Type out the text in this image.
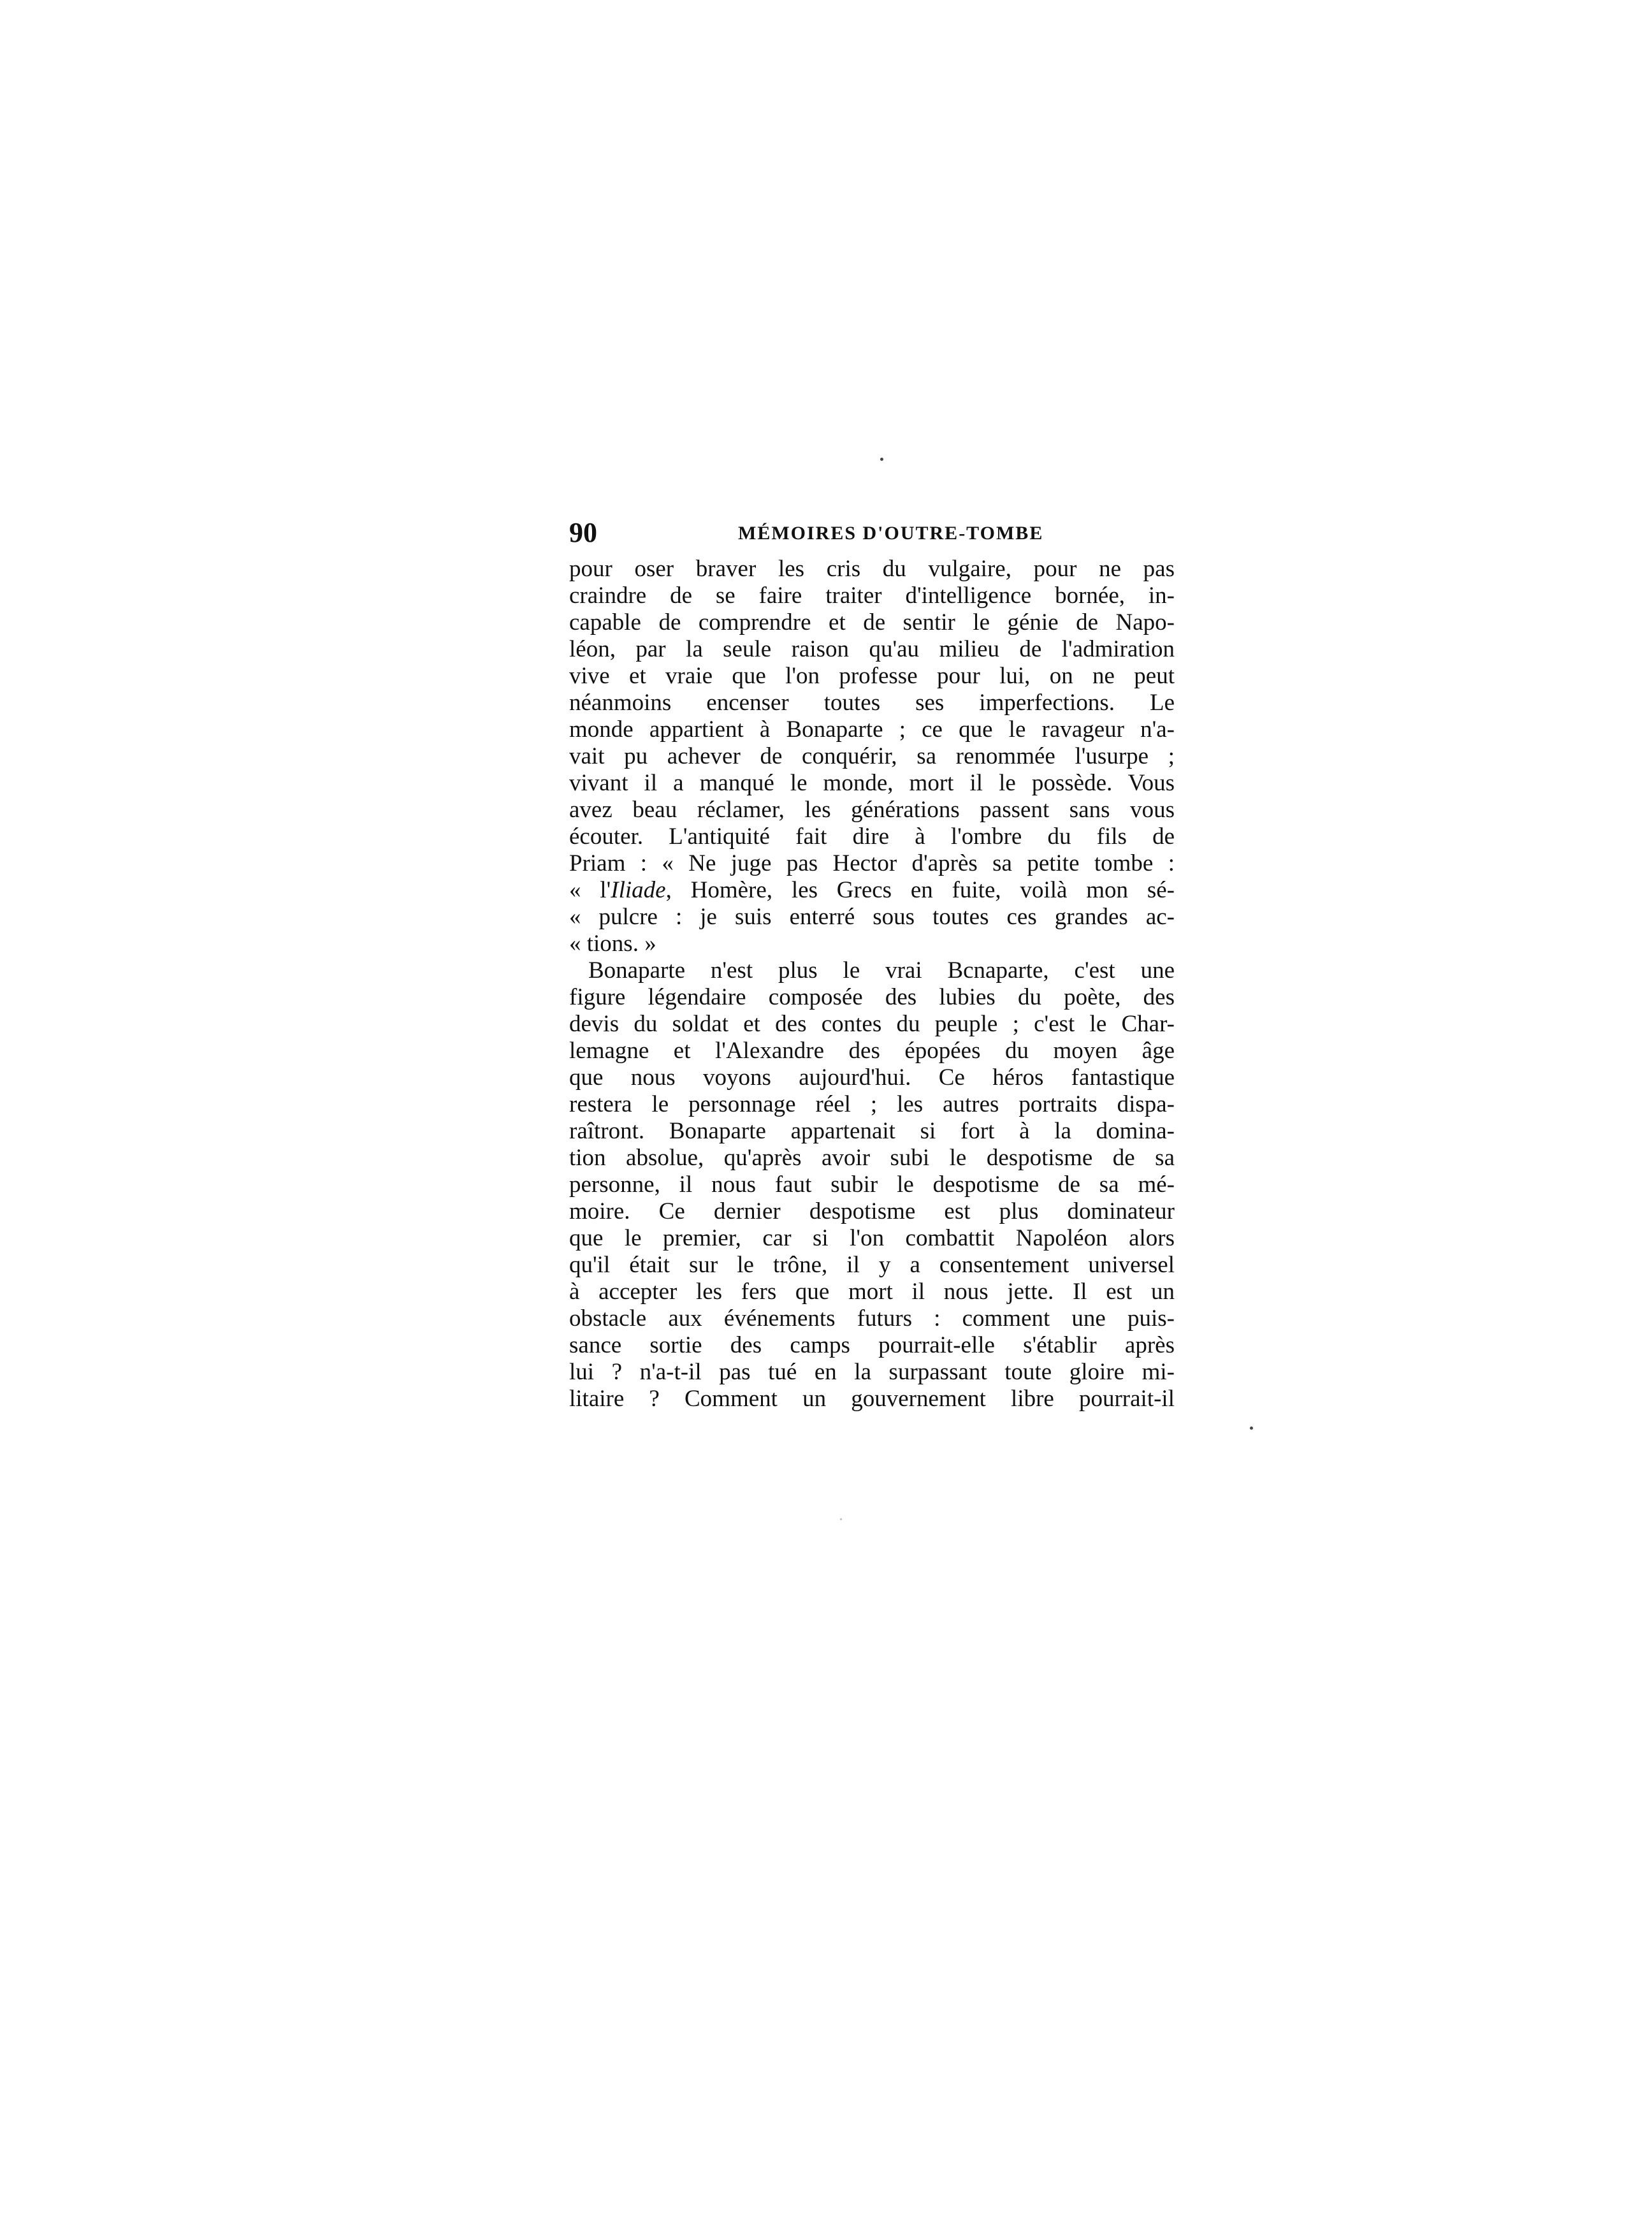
90	MÉMOIRES D'OUTRE-TOMBE
pour oser braver les cris du vulgaire, pour ne pas
craindre de se faire traiter d'intelligence bornée, in-
capable de comprendre et de sentir le génie de Napo-
léon, par la seule raison qu'au milieu de l'admiration
vive et vraie que l'on professe pour lui, on ne peut
néanmoins encenser toutes ses imperfections. Le
monde appartient à Bonaparte ; ce que le ravageur n'a-
vait pu achever de conquérir, sa renommée l'usurpe ;
vivant il a manqué le monde, mort il le possède. Vous
avez beau réclamer, les générations passent sans vous
écouter. L'antiquité fait dire à l'ombre du fils de
Priam : « Ne juge pas Hector d'après sa petite tombe :
« l'Iliade, Homère, les Grecs en fuite, voilà mon sé-
« pulcre : je suis enterré sous toutes ces grandes ac-
« tions. »
Bonaparte n'est plus le vrai Bcnaparte, c'est une
figure légendaire composée des lubies du poète, des
devis du soldat et des contes du peuple ; c'est le Char-
lemagne et l'Alexandre des épopées du moyen âge
que nous voyons aujourd'hui. Ce héros fantastique
restera le personnage réel ; les autres portraits dispa-
raîtront. Bonaparte appartenait si fort à la domina-
tion absolue, qu'après avoir subi le despotisme de sa
personne, il nous faut subir le despotisme de sa mé-
moire. Ce dernier despotisme est plus dominateur
que le premier, car si l'on combattit Napoléon alors
qu'il était sur le trône, il y a consentement universel
à accepter les fers que mort il nous jette. Il est un
obstacle aux événements futurs : comment une puis-
sance sortie des camps pourrait-elle s'établir après
lui ? n'a-t-il pas tué en la surpassant toute gloire mi-
litaire ? Comment un gouvernement libre pourrait-il
